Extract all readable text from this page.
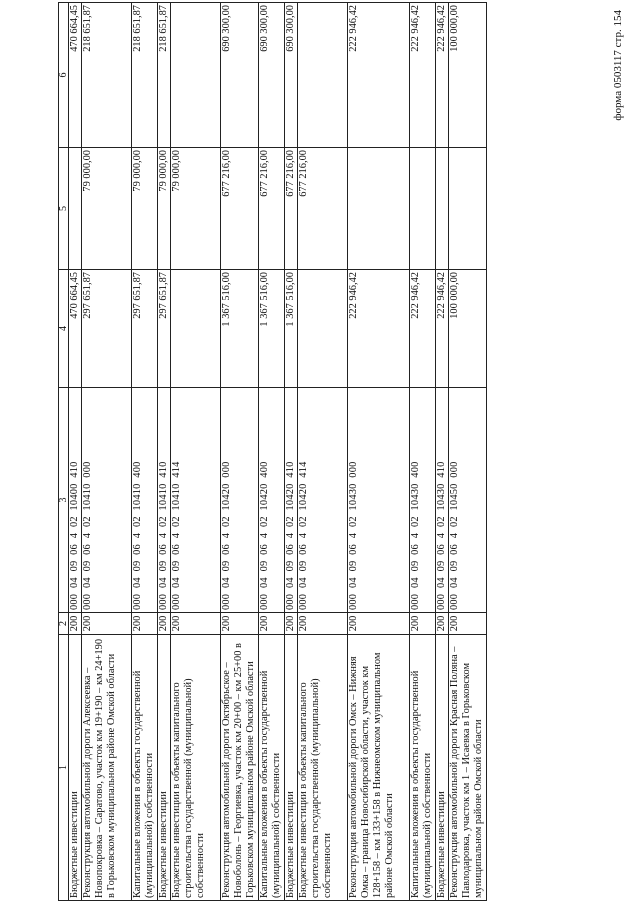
форма 0503117 стр. 154
1	2	3	4	5	6
Бюджетные инвестиции	200	000 04 09 06 4 02 10400 410	470 664,45		470 664,45
Реконструкция автомобильной дороги Алексеевка – Новопокровка – Саратово, участок км 19+190 – км 24+190 в Горьковском муниципальном районе Омской области	200	000 04 09 06 4 02 10410 000	297 651,87	79 000,00	218 651,87
Капитальные вложения в объекты государственной (муниципальной) собственности	200	000 04 09 06 4 02 10410 400	297 651,87	79 000,00	218 651,87
Бюджетные инвестиции	200	000 04 09 06 4 02 10410 410	297 651,87	79 000,00	218 651,87
Бюджетные инвестиции в объекты капитального строительства государственной (муниципальной) собственности	200	000 04 09 06 4 02 10410 414		79 000,00	
Реконструкция автомобильной дороги Октябрьское – Новоболонь – Георгиевка, участок км 20+00 – км 25+00 в Горьковском муниципальном районе Омской области	200	000 04 09 06 4 02 10420 000	1 367 516,00	677 216,00	690 300,00
Капитальные вложения в объекты государственной (муниципальной) собственности	200	000 04 09 06 4 02 10420 400	1 367 516,00	677 216,00	690 300,00
Бюджетные инвестиции	200	000 04 09 06 4 02 10420 410	1 367 516,00	677 216,00	690 300,00
Бюджетные инвестиции в объекты капитального строительства государственной (муниципальной) собственности	200	000 04 09 06 4 02 10420 414		677 216,00	
Реконструкция автомобильной дороги Омск – Нижняя Омка – граница Новосибирской области, участок км 128+158 – км 133+158 в Нижнеомском муниципальном районе Омской области	200	000 04 09 06 4 02 10430 000	222 946,42		222 946,42
Капитальные вложения в объекты государственной (муниципальной) собственности	200	000 04 09 06 4 02 10430 400	222 946,42		222 946,42
Бюджетные инвестиции	200	000 04 09 06 4 02 10430 410	222 946,42		222 946,42
Реконструкция автомобильной дороги Красная Поляна – Павлодаровка, участок км 1 – Исаевка в Горьковском муниципальном районе Омской области	200	000 04 09 06 4 02 10450 000	100 000,00		100 000,00
